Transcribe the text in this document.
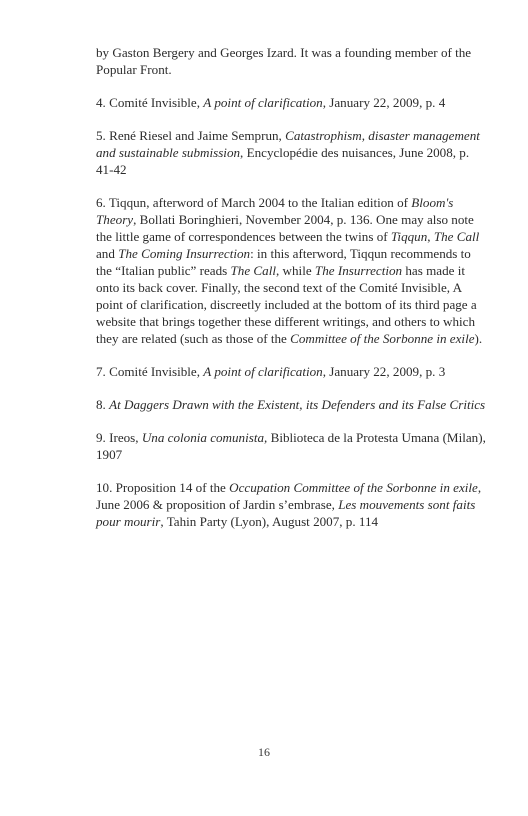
by Gaston Bergery and Georges Izard. It was a founding member of the Popular Front.

4. Comité Invisible, A point of clarification, January 22, 2009, p. 4

5. René Riesel and Jaime Semprun, Catastrophism, disaster management and sustainable submission, Encyclopédie des nuisances, June 2008, p. 41-42

6. Tiqqun, afterword of March 2004 to the Italian edition of Bloom's Theory, Bollati Boringhieri, November 2004, p. 136. One may also note the little game of correspondences between the twins of Tiqqun, The Call and The Coming Insurrection: in this afterword, Tiqqun recommends to the “Italian public” reads The Call, while The Insurrection has made it onto its back cover. Finally, the second text of the Comité Invisible, A point of clarification, discreetly included at the bottom of its third page a website that brings together these different writings, and others to which they are related (such as those of the Committee of the Sorbonne in exile).

7. Comité Invisible, A point of clarification, January 22, 2009, p. 3

8. At Daggers Drawn with the Existent, its Defenders and its False Critics

9. Ireos, Una colonia comunista, Biblioteca de la Protesta Umana (Milan), 1907

10. Proposition 14 of the Occupation Committee of the Sorbonne in exile, June 2006 & proposition of Jardin s’embrase, Les mouvements sont faits pour mourir, Tahin Party (Lyon), August 2007, p. 114

16
